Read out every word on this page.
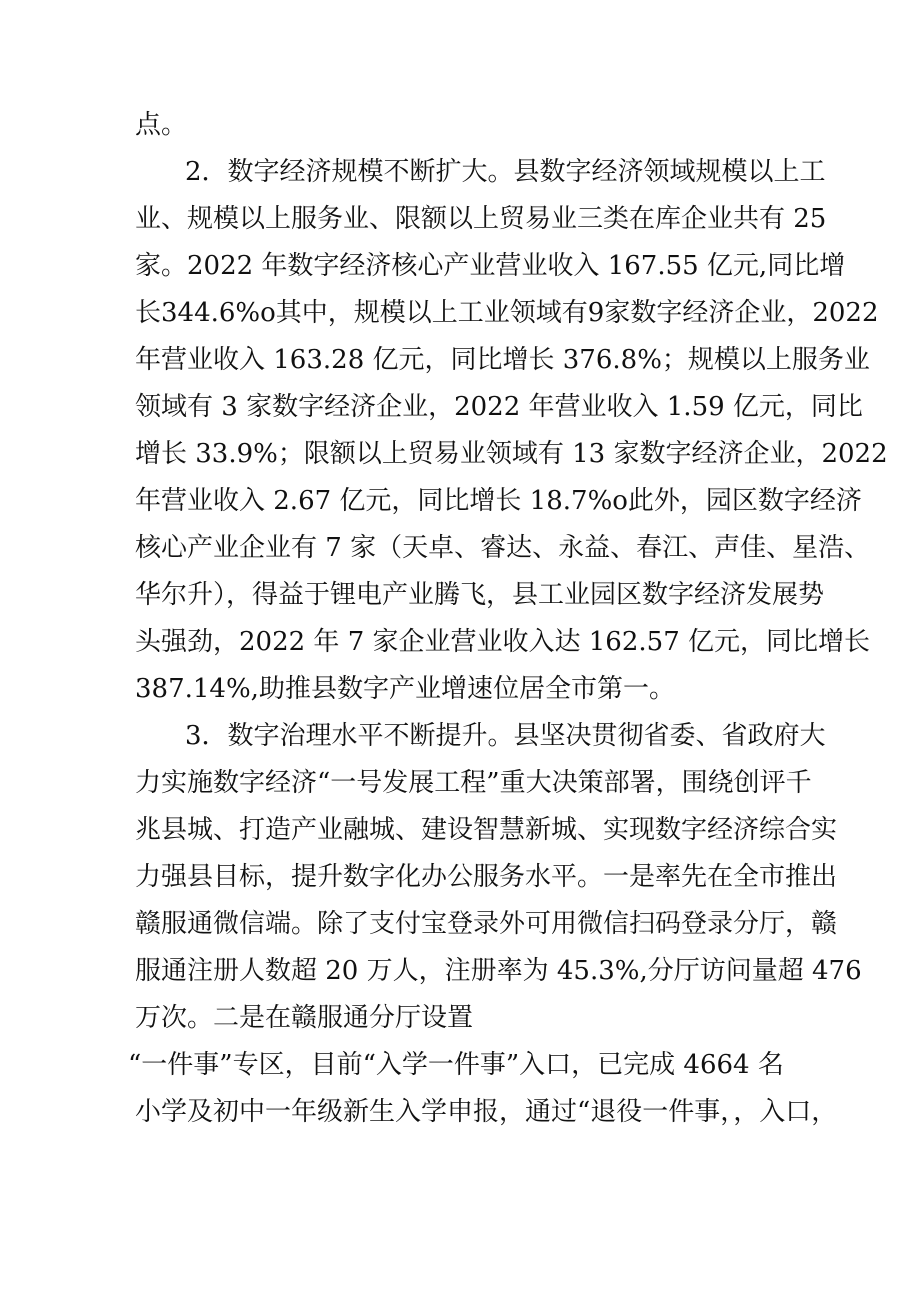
点。
2．数字经济规模不断扩大。县数字经济领域规模以上工
业、规模以上服务业、限额以上贸易业三类在库企业共有 25
家。2022 年数字经济核心产业营业收入 167.55 亿元,同比增
长344.6%o其中，规模以上工业领域有9家数字经济企业，2022
年营业收入 163.28 亿元，同比增长 376.8%；规模以上服务业
领域有 3 家数字经济企业，2022 年营业收入 1.59 亿元，同比
增长 33.9%；限额以上贸易业领域有 13 家数字经济企业，2022
年营业收入 2.67 亿元，同比增长 18.7%o此外，园区数字经济
核心产业企业有 7 家（天卓、睿达、永益、春江、声佳、星浩、
华尔升），得益于锂电产业腾飞，县工业园区数字经济发展势
头强劲，2022 年 7 家企业营业收入达 162.57 亿元，同比增长
387.14%,助推县数字产业增速位居全市第一。
3．数字治理水平不断提升。县坚决贯彻省委、省政府大
力实施数字经济“一号发展工程”重大决策部署，围绕创评千
兆县城、打造产业融城、建设智慧新城、实现数字经济综合实
力强县目标，提升数字化办公服务水平。一是率先在全市推出
赣服通微信端。除了支付宝登录外可用微信扫码登录分厅，赣
服通注册人数超 20 万人，注册率为 45.3%,分厅访问量超 476
万次。二是在赣服通分厅设置
“一件事”专区，目前“入学一件事”入口，已完成 4664 名
小学及初中一年级新生入学申报，通过“退役一件事，，入口，
